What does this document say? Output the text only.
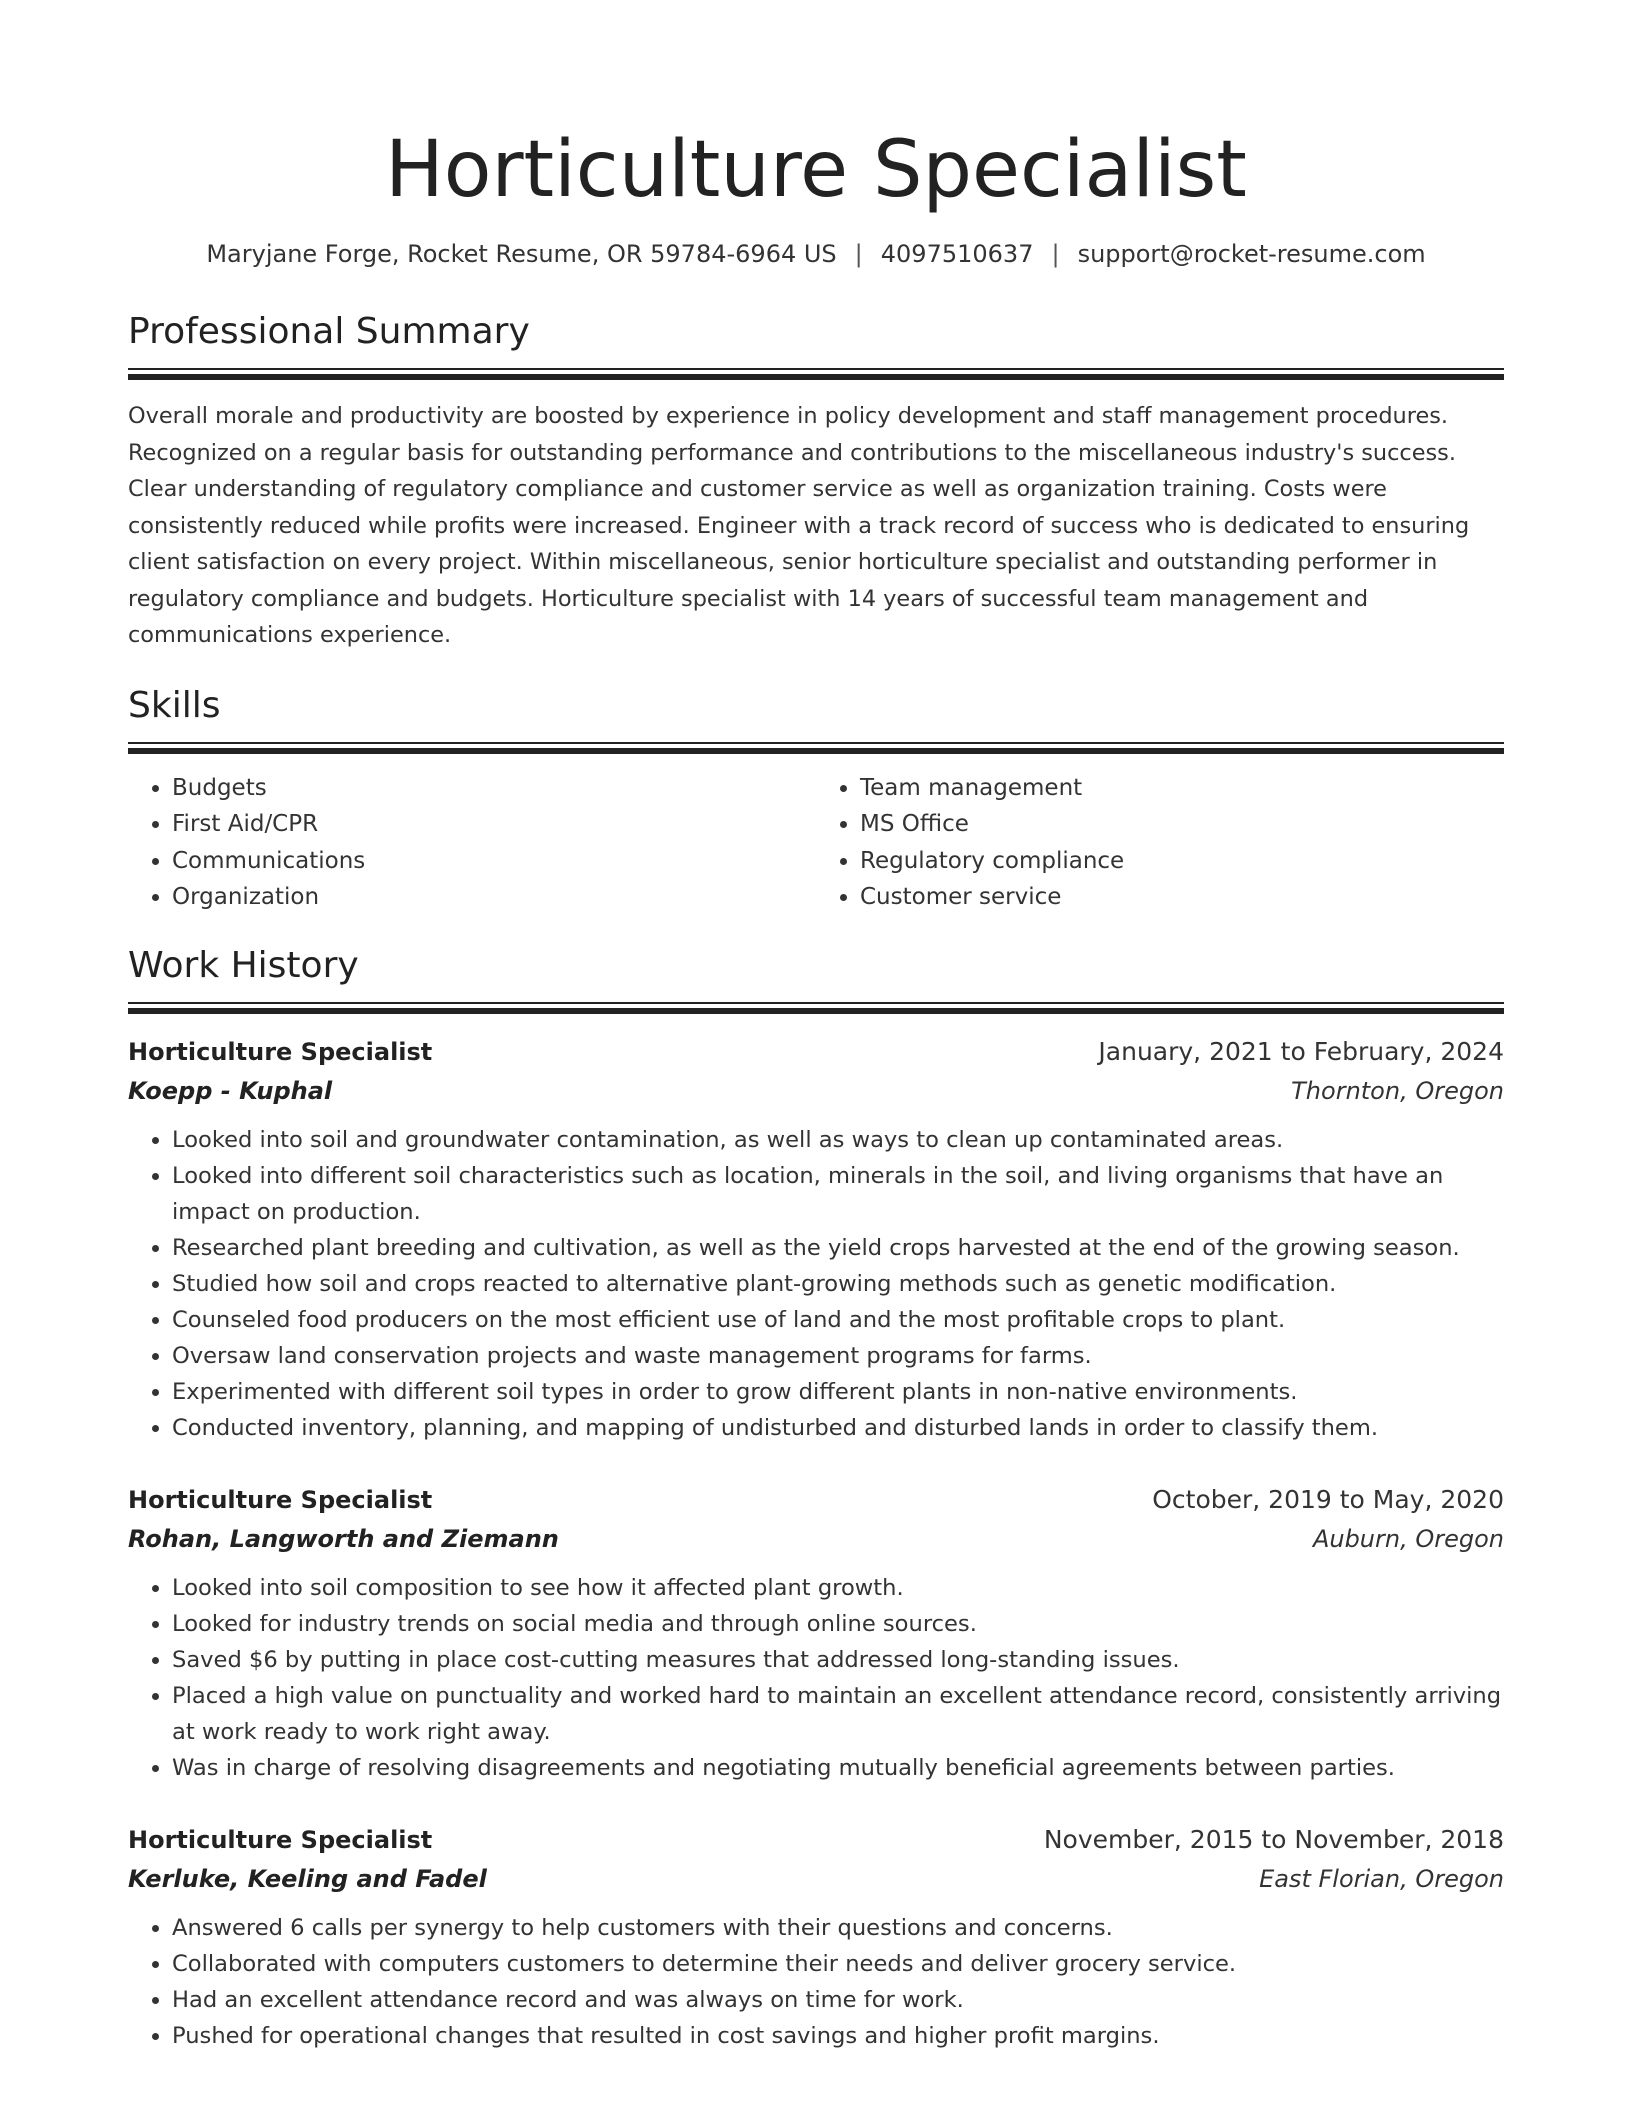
Horticulture Specialist
Maryjane Forge, Rocket Resume, OR 59784-6964 US | 4097510637 | support@rocket-resume.com
Professional Summary

Overall morale and productivity are boosted by experience in policy development and staff management procedures. Recognized on a regular basis for outstanding performance and contributions to the miscellaneous industry's success. Clear understanding of regulatory compliance and customer service as well as organization training. Costs were consistently reduced while profits were increased. Engineer with a track record of success who is dedicated to ensuring client satisfaction on every project. Within miscellaneous, senior horticulture specialist and outstanding performer in regulatory compliance and budgets. Horticulture specialist with 14 years of successful team management and communications experience.

Skills
• Budgets
• First Aid/CPR
• Communications
• Organization
• Team management
• MS Office
• Regulatory compliance
• Customer service
Work History
Horticulture Specialist	January, 2021 to February, 2024
Koepp - Kuphal	Thornton, Oregon
• Looked into soil and groundwater contamination, as well as ways to clean up contaminated areas.
• Looked into different soil characteristics such as location, minerals in the soil, and living organisms that have an impact on production.
• Researched plant breeding and cultivation, as well as the yield crops harvested at the end of the growing season.
• Studied how soil and crops reacted to alternative plant-growing methods such as genetic modification.
• Counseled food producers on the most efficient use of land and the most profitable crops to plant.
• Oversaw land conservation projects and waste management programs for farms.
• Experimented with different soil types in order to grow different plants in non-native environments.
• Conducted inventory, planning, and mapping of undisturbed and disturbed lands in order to classify them.
Horticulture Specialist	October, 2019 to May, 2020
Rohan, Langworth and Ziemann	Auburn, Oregon
• Looked into soil composition to see how it affected plant growth.
• Looked for industry trends on social media and through online sources.
• Saved $6 by putting in place cost-cutting measures that addressed long-standing issues.
• Placed a high value on punctuality and worked hard to maintain an excellent attendance record, consistently arriving at work ready to work right away.
• Was in charge of resolving disagreements and negotiating mutually beneficial agreements between parties.
Horticulture Specialist	November, 2015 to November, 2018
Kerluke, Keeling and Fadel	East Florian, Oregon
• Answered 6 calls per synergy to help customers with their questions and concerns.
• Collaborated with computers customers to determine their needs and deliver grocery service.
• Had an excellent attendance record and was always on time for work.
• Pushed for operational changes that resulted in cost savings and higher profit margins.
